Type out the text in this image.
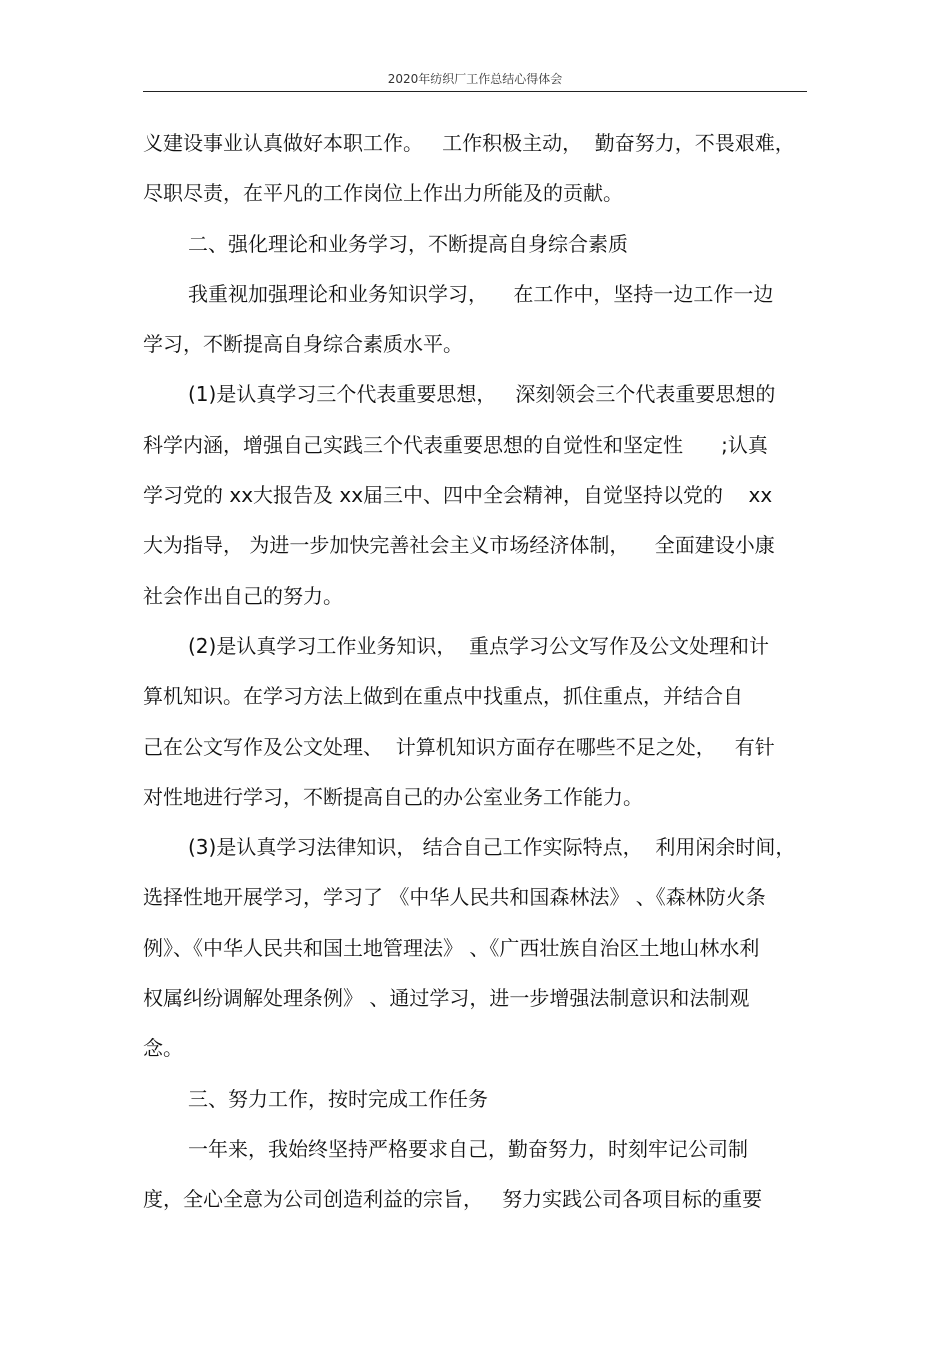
2020年纺织厂工作总结心得体会
义建设事业认真做好本职工作。   工作积极主动，  勤奋努力，不畏艰难，
尽职尽责，在平凡的工作岗位上作出力所能及的贡献。
二、强化理论和业务学习，不断提高自身综合素质
我重视加强理论和业务知识学习，    在工作中，坚持一边工作一边
学习，不断提高自身综合素质水平。
(1)是认真学习三个代表重要思想，   深刻领会三个代表重要思想的
科学内涵，增强自己实践三个代表重要思想的自觉性和坚定性      ;认真
学习党的 xx大报告及 xx届三中、四中全会精神，自觉坚持以党的    xx
大为指导， 为进一步加快完善社会主义市场经济体制，    全面建设小康
社会作出自己的努力。
(2)是认真学习工作业务知识，  重点学习公文写作及公文处理和计
算机知识。在学习方法上做到在重点中找重点，抓住重点，并结合自
己在公文写作及公文处理、  计算机知识方面存在哪些不足之处，   有针
对性地进行学习，不断提高自己的办公室业务工作能力。
(3)是认真学习法律知识， 结合自己工作实际特点，  利用闲余时间，
选择性地开展学习，学习了 《中华人民共和国森林法》 、《森林防火条
例》、《中华人民共和国土地管理法》 、《广西壮族自治区土地山林水利
权属纠纷调解处理条例》 、通过学习，进一步增强法制意识和法制观
念。
三、努力工作，按时完成工作任务
一年来，我始终坚持严格要求自己，勤奋努力，时刻牢记公司制
度，全心全意为公司创造利益的宗旨，   努力实践公司各项目标的重要
